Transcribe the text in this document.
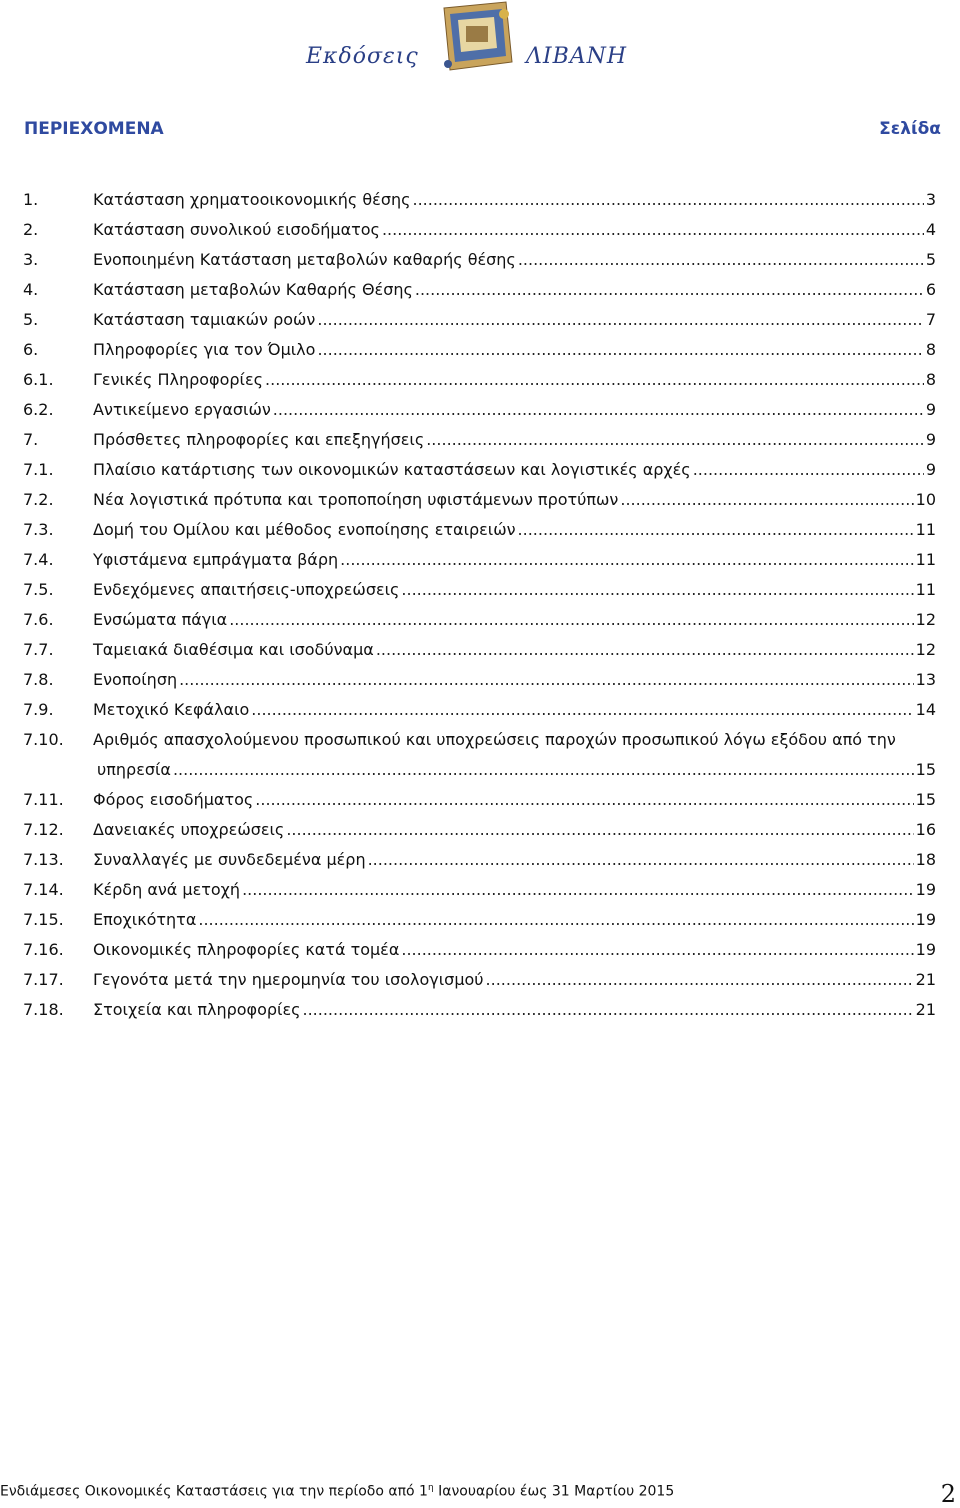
Εκδόσεις	ΛΙΒΑΝΗ
ΠΕΡΙΕΧΟΜΕΝΑ	Σελίδα
1.	Κατάσταση χρηματοοικονομικής θέσης .....	3
2.	Κατάσταση συνολικού εισοδήματος .....	4
3.	Ενοποιημένη Κατάσταση μεταβολών καθαρής θέσης .....	5
4.	Κατάσταση μεταβολών Καθαρής Θέσης .....	6
5.	Κατάσταση ταμιακών ροών .....	7
6.	Πληροφορίες για τον Όμιλο .....	8
6.1. Γενικές Πληροφορίες .....	8
6.2. Αντικείμενο εργασιών .....	9
7.	Πρόσθετες πληροφορίες και επεξηγήσεις .....	9
7.1. Πλαίσιο κατάρτισης των οικονομικών καταστάσεων και λογιστικές αρχές .....	9
7.2. Νέα λογιστικά πρότυπα και τροποποίηση υφιστάμενων προτύπων .....	10
7.3. Δομή του Ομίλου και μέθοδος ενοποίησης εταιρειών .....	11
7.4. Υφιστάμενα εμπράγματα βάρη .....	11
7.5. Ενδεχόμενες απαιτήσεις-υποχρεώσεις .....	11
7.6. Ενσώματα πάγια .....	12
7.7. Ταμειακά διαθέσιμα και ισοδύναμα .....	12
7.8. Ενοποίηση .....	13
7.9. Μετοχικό Κεφάλαιο .....	14
7.10. Αριθμός απασχολούμενου προσωπικού και υποχρεώσεις παροχών προσωπικού λόγω εξόδου από την
υπηρεσία .....	15
7.11. Φόρος εισοδήματος .....	15
7.12. Δανειακές υποχρεώσεις .....	16
7.13. Συναλλαγές με συνδεδεμένα μέρη .....	18
7.14. Κέρδη ανά μετοχή .....	19
7.15. Εποχικότητα .....	19
7.16. Οικονομικές πληροφορίες κατά τομέα .....	19
7.17. Γεγονότα μετά την ημερομηνία του ισολογισμού .....	21
7.18. Στοιχεία και πληροφορίες .....	21
Ενδιάμεσες Οικονομικές Καταστάσεις για την περίοδο από $1^\eta$ Ιανουαρίου έως 31 Μαρτίου 2015	2
